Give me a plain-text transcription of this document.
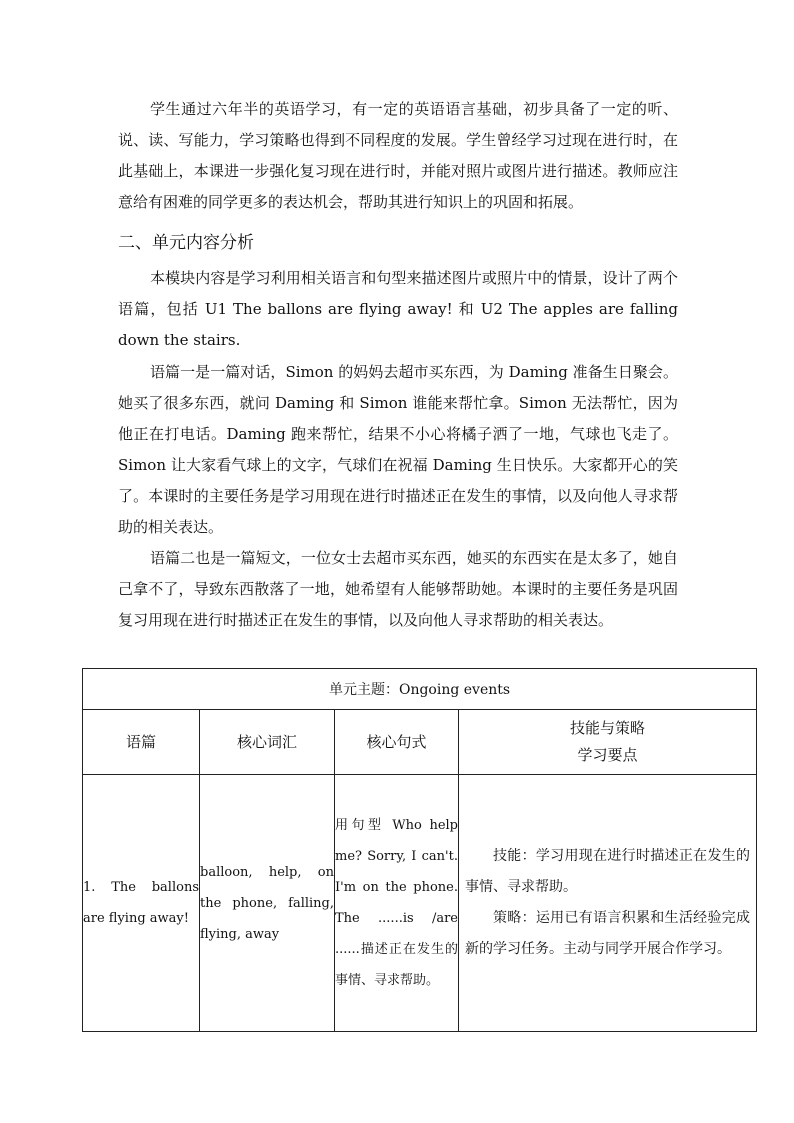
学生通过六年半的英语学习，有一定的英语语言基础，初步具备了一定的听、说、读、写能力，学习策略也得到不同程度的发展。学生曾经学习过现在进行时，在此基础上，本课进一步强化复习现在进行时，并能对照片或图片进行描述。教师应注意给有困难的同学更多的表达机会，帮助其进行知识上的巩固和拓展。

二、单元内容分析

本模块内容是学习利用相关语言和句型来描述图片或照片中的情景，设计了两个语篇，包括 U1 The ballons are flying away! 和 U2 The apples are falling down the stairs.

语篇一是一篇对话，Simon 的妈妈去超市买东西，为 Daming 准备生日聚会。她买了很多东西，就问 Daming 和 Simon 谁能来帮忙拿。Simon 无法帮忙，因为他正在打电话。Daming 跑来帮忙，结果不小心将橘子洒了一地，气球也飞走了。Simon 让大家看气球上的文字，气球们在祝福 Daming 生日快乐。大家都开心的笑了。本课时的主要任务是学习用现在进行时描述正在发生的事情，以及向他人寻求帮助的相关表达。

语篇二也是一篇短文，一位女士去超市买东西，她买的东西实在是太多了，她自己拿不了，导致东西散落了一地，她希望有人能够帮助她。本课时的主要任务是巩固复习用现在进行时描述正在发生的事情，以及向他人寻求帮助的相关表达。

单元主题：Ongoing events			
语篇	核心词汇	核心句式	技能与策略
学习要点

1. The ballons are flying away!	balloon, help, on the phone, falling, flying, away	用句型 Who help me? Sorry, I can't. I'm on the phone. The ......is /are ......描述正在发生的事情、寻求帮助。	技能：学习用现在进行时描述正在发生的事情、寻求帮助。

策略：运用已有语言积累和生活经验完成新的学习任务。主动与同学开展合作学习。
